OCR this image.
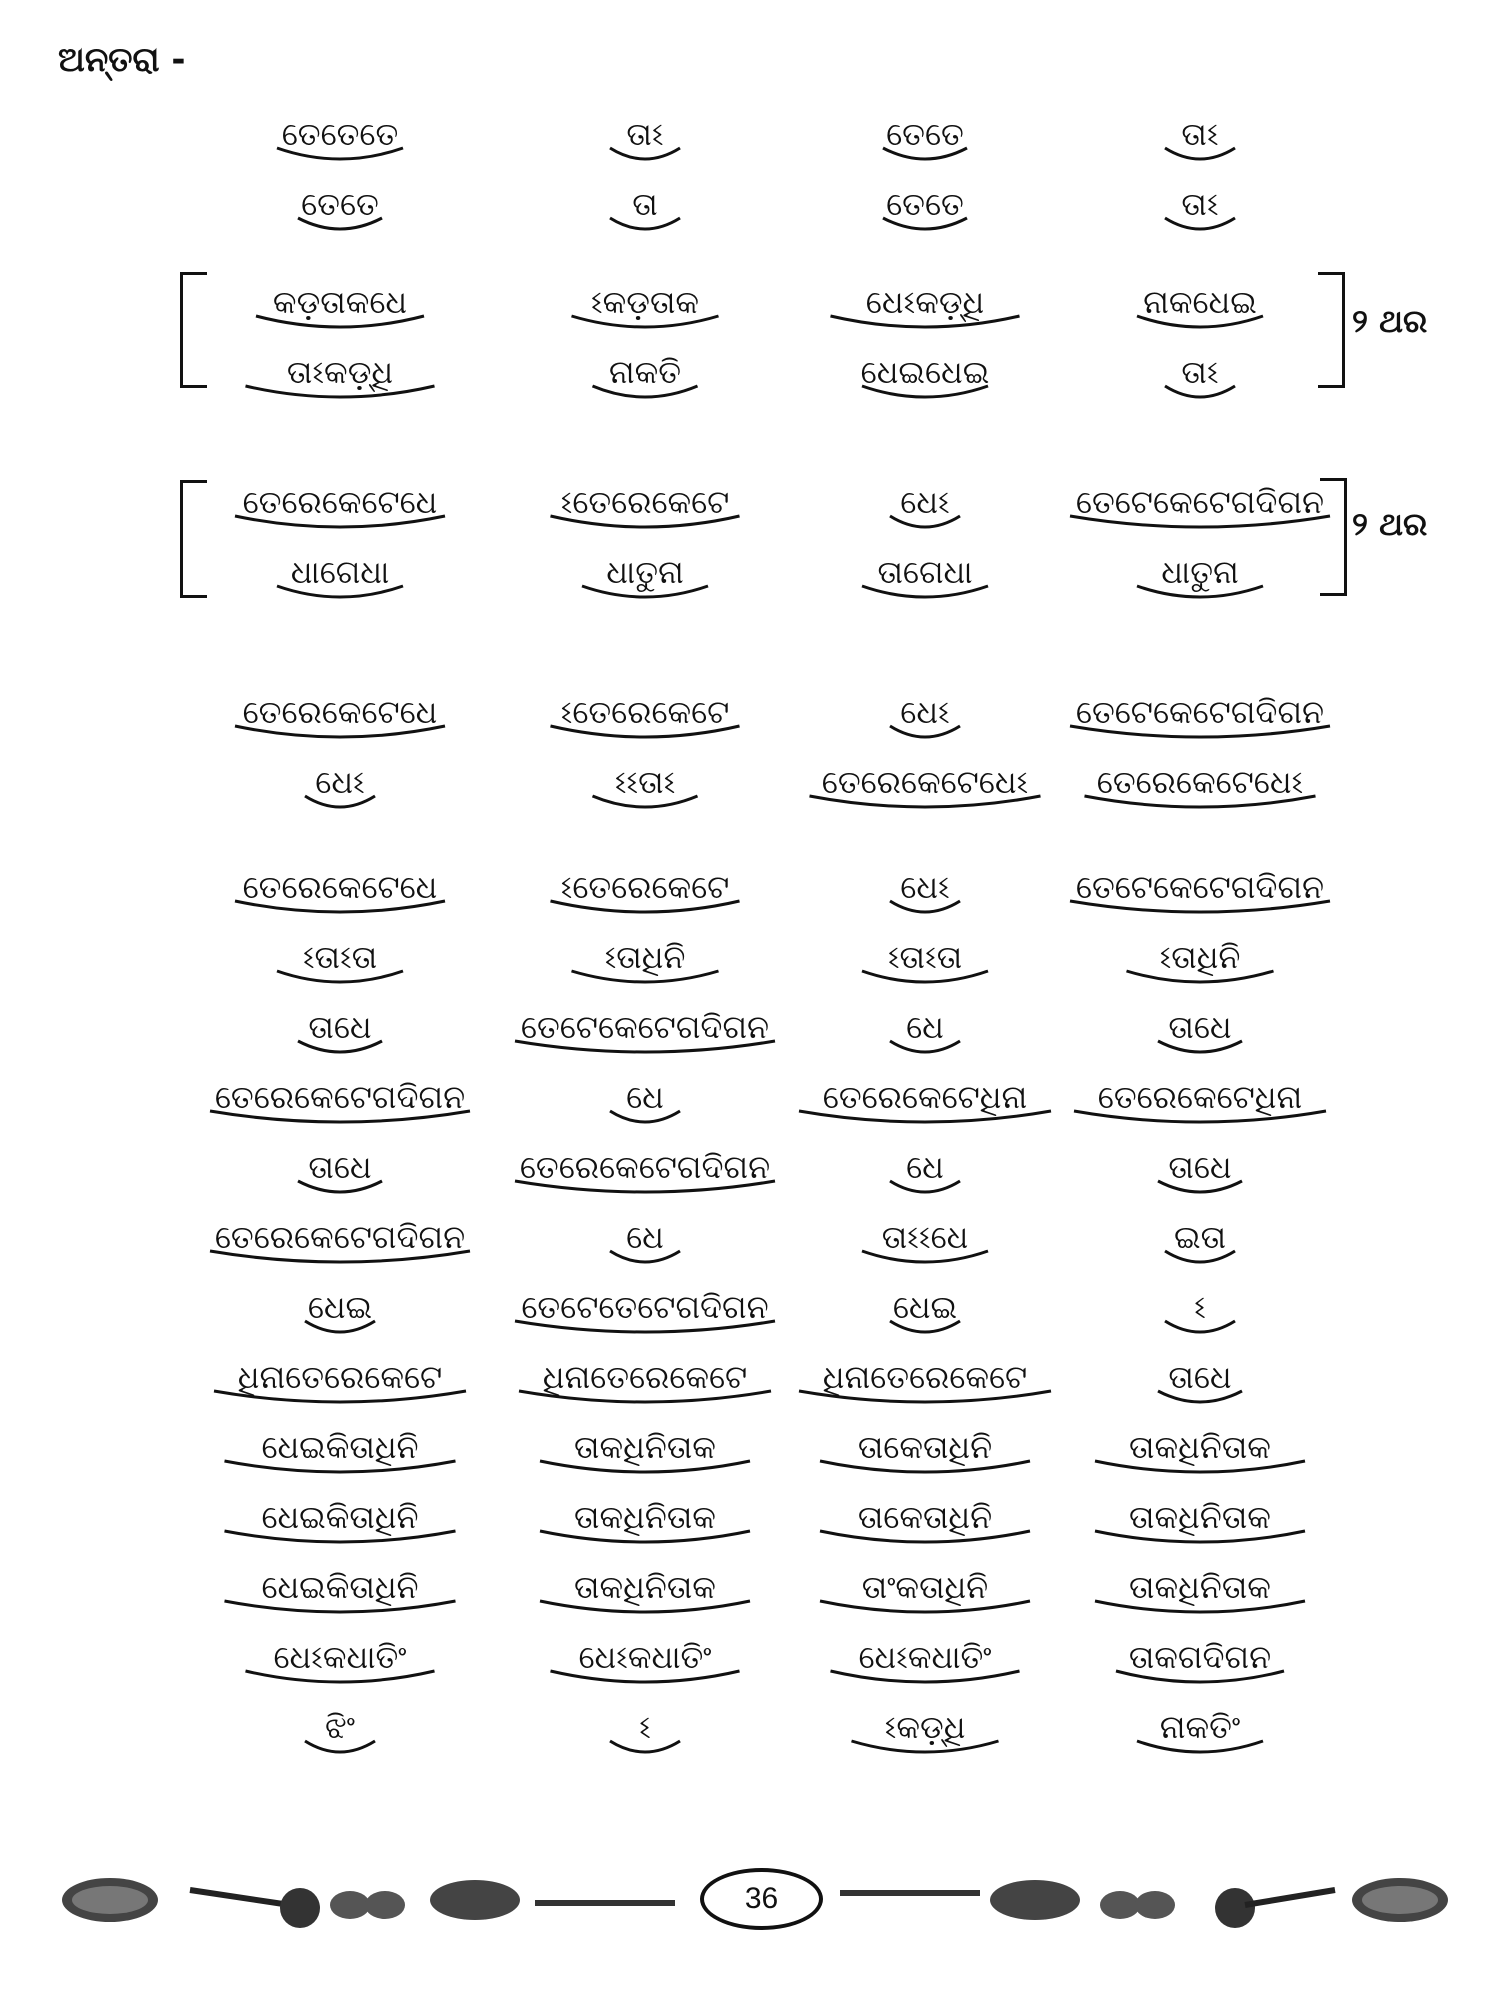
ଅନ୍ତରା -
ତେତେତେ	ତାଽ	ତେତେ	ତାଽ
ତେତେ	ତା	ତେତେ	ତାଽ
କଡ଼ତାକଧେ	ଽକଡ଼ତାକ	ଧେଽକଡ଼୍ଧି	ନାକଧେଇ
ତାଽକଡ଼୍ଧି	ନାକତି	ଧେଇଧେଇ	ତାଽ
ତେରେକେଟେଧେ	ଽତେରେକେଟେ	ଧେଽ	ତେଟେକେଟେଗଦିଗନ
ଧାଗେଧା	ଧାତୁନା	ତାଗେଧା	ଧାତୁନା
ତେରେକେଟେଧେ	ଽତେରେକେଟେ	ଧେଽ	ତେଟେକେଟେଗଦିଗନ
ଧେଽ	ଽଽତାଽ	ତେରେକେଟେଧେଽ	ତେରେକେଟେଧେଽ
ତେରେକେଟେଧେ	ଽତେରେକେଟେ	ଧେଽ	ତେଟେକେଟେଗଦିଗନ
ଽତାଽତା	ଽତାଧିନି	ଽତାଽତା	ଽତାଧିନି
ତାଧେ	ତେଟେକେଟେଗଦିଗନ	ଧେ	ତାଧେ
ତେରେକେଟେଗଦିଗନ	ଧେ	ତେରେକେଟେଧିନା	ତେରେକେଟେଧିନା
ତାଧେ	ତେରେକେଟେଗଦିଗନ	ଧେ	ତାଧେ
ତେରେକେଟେଗଦିଗନ	ଧେ	ତାଽଽଧେ	ଇତା
ଧେଇ	ତେଟେତେଟେଗଦିଗନ	ଧେଇ	ଽ
ଧିନାତେରେକେଟେ	ଧିନାତେରେକେଟେ	ଧିନାତେରେକେଟେ	ତାଧେ
ଧେଇକିତାଧିନି	ତାକଧିନିତାକ	ତାକେତାଧିନି	ତାକଧିନିତାକ
ଧେଇକିତାଧିନି	ତାକଧିନିତାକ	ତାକେତାଧିନି	ତାକଧିନିତାକ
ଧେଇକିତାଧିନି	ତାକଧିନିତାକ	ତାଂକତାଧିନି	ତାକଧିନିତାକ
ଧେଽକଧାତିଂ	ଧେଽକଧାତିଂ	ଧେଽକଧାତିଂ	ତାକଗଦିଗନ
ଝିଂ	ଽ	ଽକଡ଼୍ଧି	ନାକତିଂ
୨ ଥର
୨ ଥର
36
